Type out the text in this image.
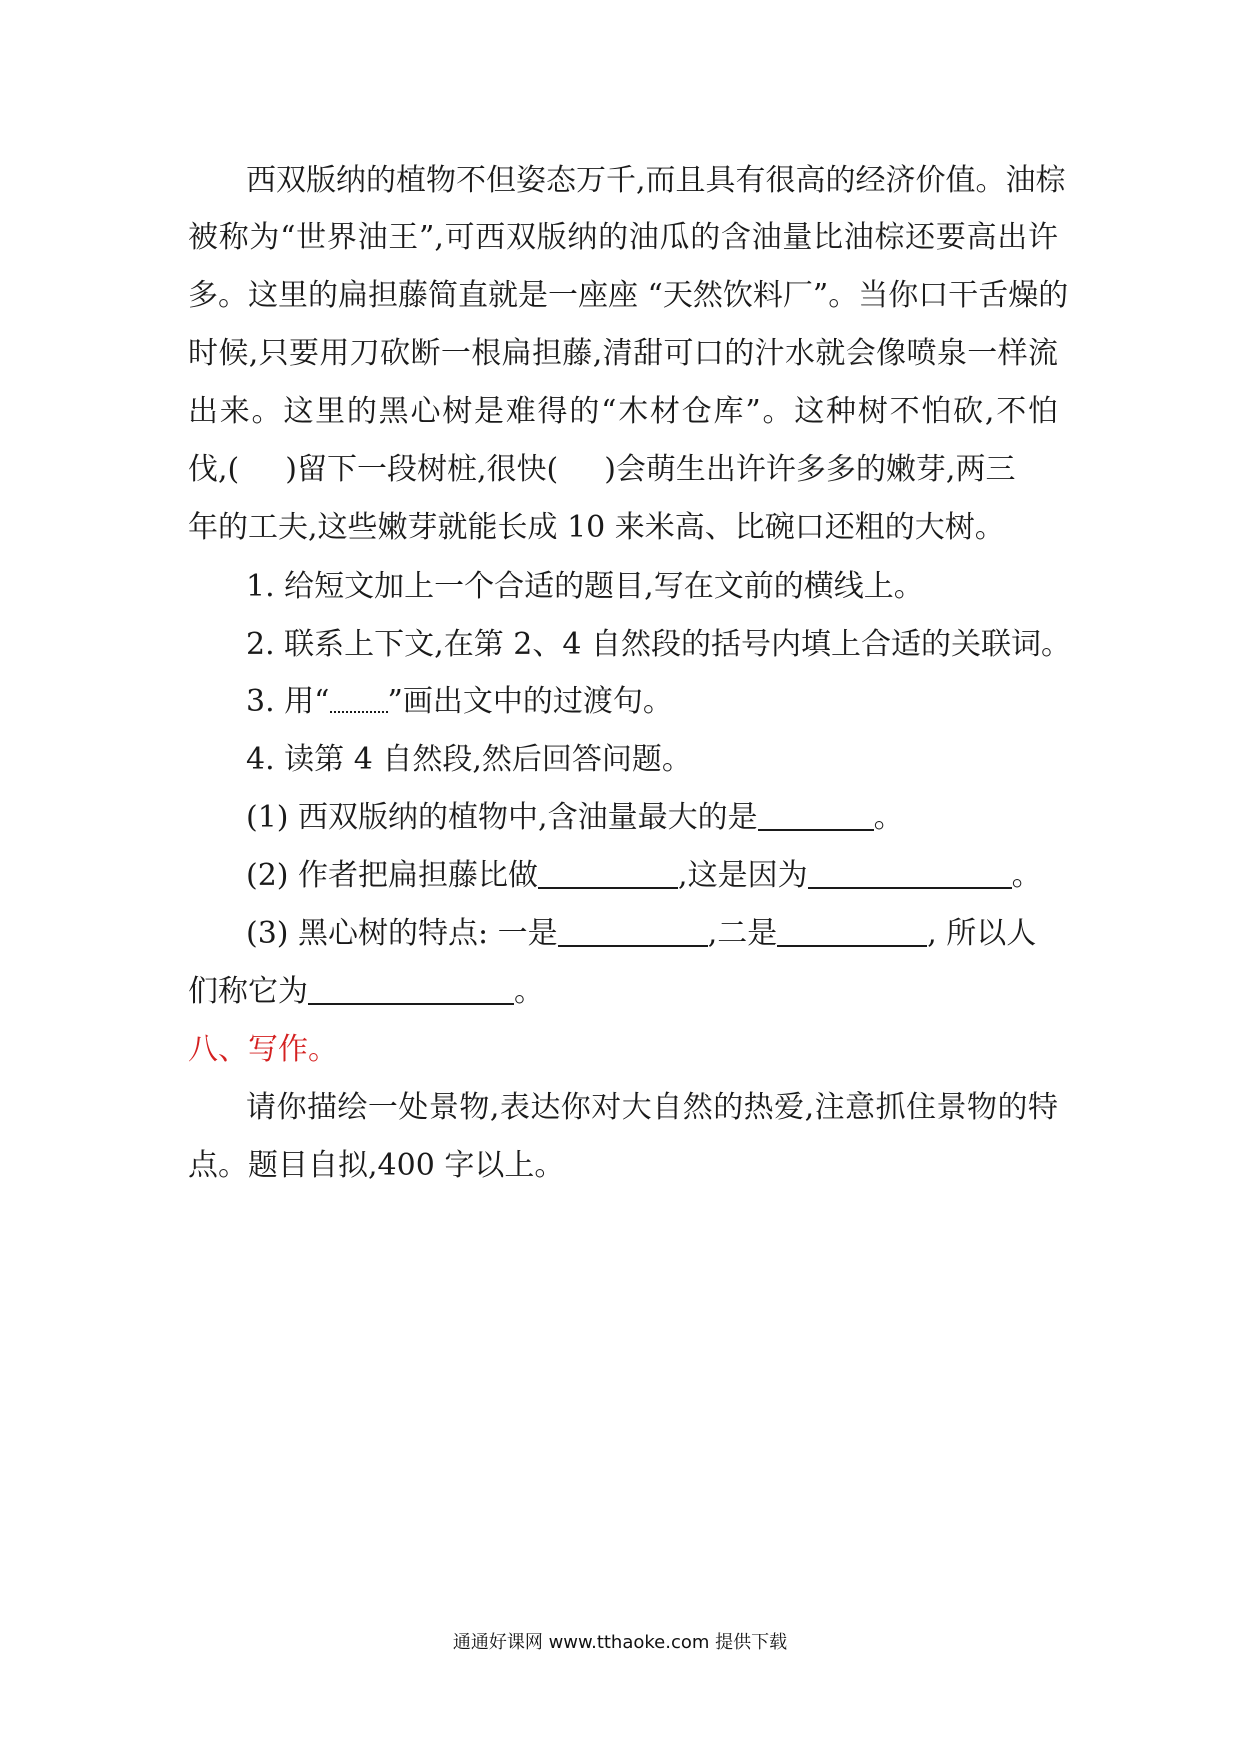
西双版纳的植物不但姿态万千,而且具有很高的经济价值。油棕
被称为“世界油王”,可西双版纳的油瓜的含油量比油棕还要高出许
多。这里的扁担藤简直就是一座座 “天然饮料厂”。当你口干舌燥的
时候,只要用刀砍断一根扁担藤,清甜可口的汁水就会像喷泉一样流
出来。这里的黑心树是难得的“木材仓库”。这种树不怕砍,不怕
伐,( )留下一段树桩,很快( )会萌生出许许多多的嫩芽,两三
年的工夫,这些嫩芽就能长成 10 来米高、比碗口还粗的大树。
1. 给短文加上一个合适的题目,写在文前的横线上。
2. 联系上下文,在第 2、4 自然段的括号内填上合适的关联词。
3. 用“ ”画出文中的过渡句。
4. 读第 4 自然段,然后回答问题。
(1) 西双版纳的植物中,含油量最大的是	。
(2) 作者把扁担藤比做	,这是因为	。
(3) 黑心树的特点: 一是	,二是	, 所以人
们称它为	。
八、写作。
请你描绘一处景物,表达你对大自然的热爱,注意抓住景物的特
点。题目自拟,400 字以上。
通通好课网 www.tthaoke.com 提供下载
